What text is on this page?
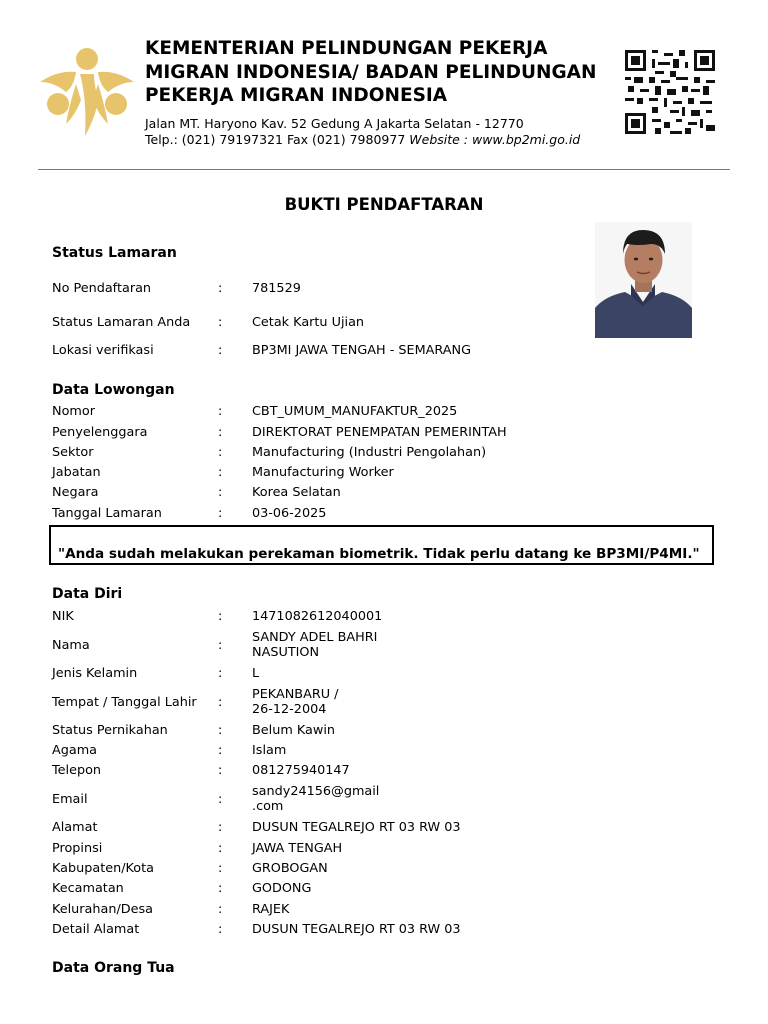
KEMENTERIAN PELINDUNGAN PEKERJA
MIGRAN INDONESIA/ BADAN PELINDUNGAN
PEKERJA MIGRAN INDONESIA
Jalan MT. Haryono Kav. 52 Gedung A Jakarta Selatan - 12770
Telp.: (021) 79197321 Fax (021) 7980977 Website : www.bp2mi.go.id
BUKTI PENDAFTARAN
Status Lamaran
No Pendaftaran	: 781529
Status Lamaran Anda : Cetak Kartu Ujian
Lokasi verifikasi	: BP3MI JAWA TENGAH - SEMARANG
Data Lowongan
Nomor	: CBT_UMUM_MANUFAKTUR_2025
Penyelenggara	: DIREKTORAT PENEMPATAN PEMERINTAH
Sektor	: Manufacturing (Industri Pengolahan)
Jabatan	: Manufacturing Worker
Negara	: Korea Selatan
Tanggal Lamaran	: 03-06-2025
"Anda sudah melakukan perekaman biometrik. Tidak perlu datang ke BP3MI/P4MI."
Data Diri
NIK	: 1471082612040001
Nama	:
SANDY ADEL BAHRI
NASUTION
Jenis Kelamin	: L
Tempat / Tanggal Lahir :
PEKANBARU /
26-12-2004
Status Pernikahan	: Belum Kawin
Agama	: Islam
Telepon	: 081275940147
Email	:
sandy24156@gmail
.com
Alamat	: DUSUN TEGALREJO RT 03 RW 03
Propinsi	: JAWA TENGAH
Kabupaten/Kota	: GROBOGAN
Kecamatan	: GODONG
Kelurahan/Desa	: RAJEK
Detail Alamat	: DUSUN TEGALREJO RT 03 RW 03
Data Orang Tua
